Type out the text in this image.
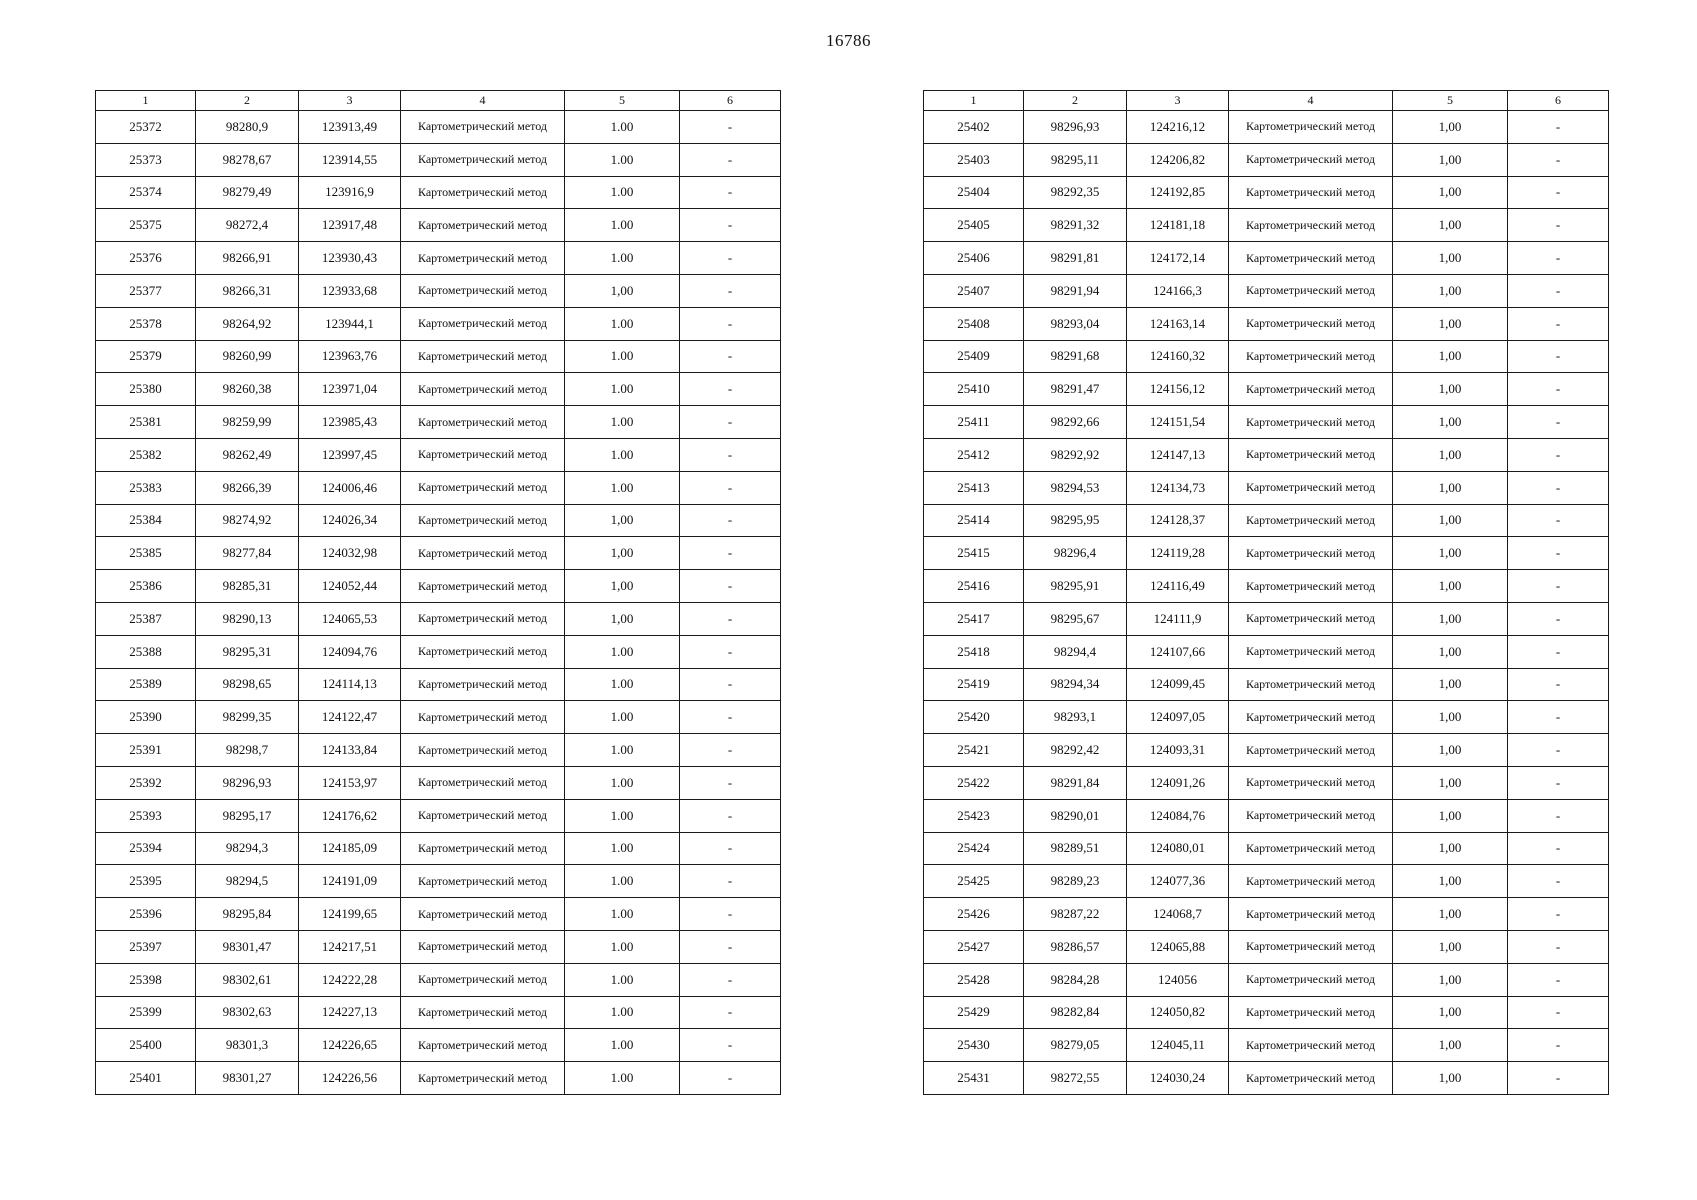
16786
1	2	3	4	5	6
25372	98280,9	123913,49	Картометрический метод	1.00	-
25373	98278,67	123914,55	Картометрический метод	1.00	-
25374	98279,49	123916,9	Картометрический метод	1.00	-
25375	98272,4	123917,48	Картометрический метод	1.00	-
25376	98266,91	123930,43	Картометрический метод	1.00	-
25377	98266,31	123933,68	Картометрический метод	1,00	-
25378	98264,92	123944,1	Картометрический метод	1.00	-
25379	98260,99	123963,76	Картометрический метод	1.00	-
25380	98260,38	123971,04	Картометрический метод	1.00	-
25381	98259,99	123985,43	Картометрический метод	1.00	-
25382	98262,49	123997,45	Картометрический метод	1.00	-
25383	98266,39	124006,46	Картометрический метод	1.00	-
25384	98274,92	124026,34	Картометрический метод	1,00	-
25385	98277,84	124032,98	Картометрический метод	1,00	-
25386	98285,31	124052,44	Картометрический метод	1,00	-
25387	98290,13	124065,53	Картометрический метод	1,00	-
25388	98295,31	124094,76	Картометрический метод	1.00	-
25389	98298,65	124114,13	Картометрический метод	1.00	-
25390	98299,35	124122,47	Картометрический метод	1.00	-
25391	98298,7	124133,84	Картометрический метод	1.00	-
25392	98296,93	124153,97	Картометрический метод	1.00	-
25393	98295,17	124176,62	Картометрический метод	1.00	-
25394	98294,3	124185,09	Картометрический метод	1.00	-
25395	98294,5	124191,09	Картометрический метод	1.00	-
25396	98295,84	124199,65	Картометрический метод	1.00	-
25397	98301,47	124217,51	Картометрический метод	1.00	-
25398	98302,61	124222,28	Картометрический метод	1.00	-
25399	98302,63	124227,13	Картометрический метод	1.00	-
25400	98301,3	124226,65	Картометрический метод	1.00	-
25401	98301,27	124226,56	Картометрический метод	1.00	-
1	2	3	4	5	6
25402	98296,93	124216,12	Картометрический метод	1,00	-
25403	98295,11	124206,82	Картометрический метод	1,00	-
25404	98292,35	124192,85	Картометрический метод	1,00	-
25405	98291,32	124181,18	Картометрический метод	1,00	-
25406	98291,81	124172,14	Картометрический метод	1,00	-
25407	98291,94	124166,3	Картометрический метод	1,00	-
25408	98293,04	124163,14	Картометрический метод	1,00	-
25409	98291,68	124160,32	Картометрический метод	1,00	-
25410	98291,47	124156,12	Картометрический метод	1,00	-
25411	98292,66	124151,54	Картометрический метод	1,00	-
25412	98292,92	124147,13	Картометрический метод	1,00	-
25413	98294,53	124134,73	Картометрический метод	1,00	-
25414	98295,95	124128,37	Картометрический метод	1,00	-
25415	98296,4	124119,28	Картометрический метод	1,00	-
25416	98295,91	124116,49	Картометрический метод	1,00	-
25417	98295,67	124111,9	Картометрический метод	1,00	-
25418	98294,4	124107,66	Картометрический метод	1,00	-
25419	98294,34	124099,45	Картометрический метод	1,00	-
25420	98293,1	124097,05	Картометрический метод	1,00	-
25421	98292,42	124093,31	Картометрический метод	1,00	-
25422	98291,84	124091,26	Картометрический метод	1,00	-
25423	98290,01	124084,76	Картометрический метод	1,00	-
25424	98289,51	124080,01	Картометрический метод	1,00	-
25425	98289,23	124077,36	Картометрический метод	1,00	-
25426	98287,22	124068,7	Картометрический метод	1,00	-
25427	98286,57	124065,88	Картометрический метод	1,00	-
25428	98284,28	124056	Картометрический метод	1,00	-
25429	98282,84	124050,82	Картометрический метод	1,00	-
25430	98279,05	124045,11	Картометрический метод	1,00	-
25431	98272,55	124030,24	Картометрический метод	1,00	-
